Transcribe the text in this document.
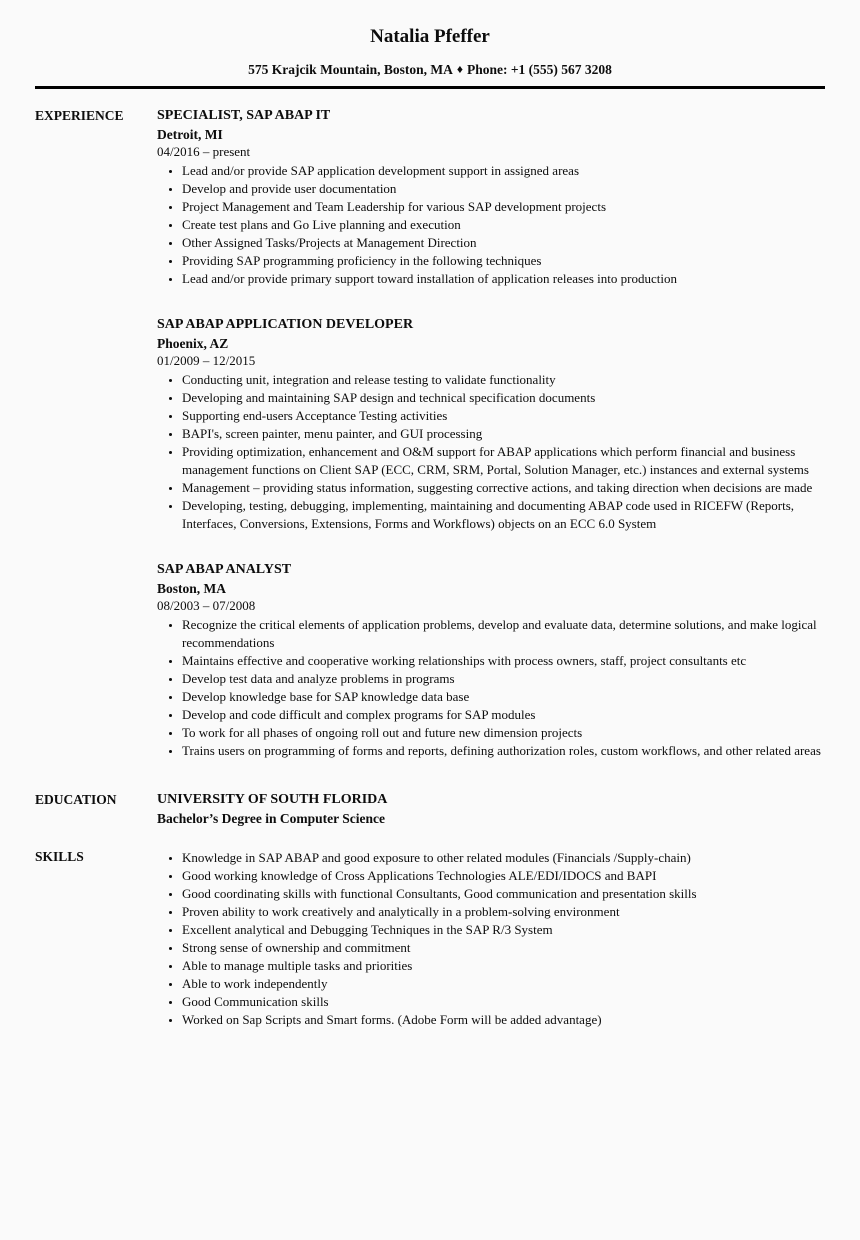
Natalia Pfeffer
575 Krajcik Mountain, Boston, MA ♦ Phone: +1 (555) 567 3208
EXPERIENCE	SPECIALIST, SAP ABAP IT
Detroit, MI
04/2016 – present
• Lead and/or provide SAP application development support in assigned areas
• Develop and provide user documentation
• Project Management and Team Leadership for various SAP development projects
• Create test plans and Go Live planning and execution
• Other Assigned Tasks/Projects at Management Direction
• Providing SAP programming proficiency in the following techniques
• Lead and/or provide primary support toward installation of application releases into production
SAP ABAP APPLICATION DEVELOPER
Phoenix, AZ
01/2009 – 12/2015
• Conducting unit, integration and release testing to validate functionality
• Developing and maintaining SAP design and technical specification documents
• Supporting end-users Acceptance Testing activities
• BAPI's, screen painter, menu painter, and GUI processing
• Providing optimization, enhancement and O&M support for ABAP applications which perform financial and business management functions on Client SAP (ECC, CRM, SRM, Portal, Solution Manager, etc.) instances and external systems
• Management – providing status information, suggesting corrective actions, and taking direction when decisions are made
• Developing, testing, debugging, implementing, maintaining and documenting ABAP code used in RICEFW (Reports, Interfaces, Conversions, Extensions, Forms and Workflows) objects on an ECC 6.0 System
SAP ABAP ANALYST
Boston, MA
08/2003 – 07/2008
• Recognize the critical elements of application problems, develop and evaluate data, determine solutions, and make logical recommendations
• Maintains effective and cooperative working relationships with process owners, staff, project consultants etc
• Develop test data and analyze problems in programs
• Develop knowledge base for SAP knowledge data base
• Develop and code difficult and complex programs for SAP modules
• To work for all phases of ongoing roll out and future new dimension projects
• Trains users on programming of forms and reports, defining authorization roles, custom workflows, and other related areas
EDUCATION	UNIVERSITY OF SOUTH FLORIDA
Bachelor’s Degree in Computer Science
SKILLS	• Knowledge in SAP ABAP and good exposure to other related modules (Financials /Supply-chain)
• Good working knowledge of Cross Applications Technologies ALE/EDI/IDOCS and BAPI
• Good coordinating skills with functional Consultants, Good communication and presentation skills
• Proven ability to work creatively and analytically in a problem-solving environment
• Excellent analytical and Debugging Techniques in the SAP R/3 System
• Strong sense of ownership and commitment
• Able to manage multiple tasks and priorities
• Able to work independently
• Good Communication skills
• Worked on Sap Scripts and Smart forms. (Adobe Form will be added advantage)
